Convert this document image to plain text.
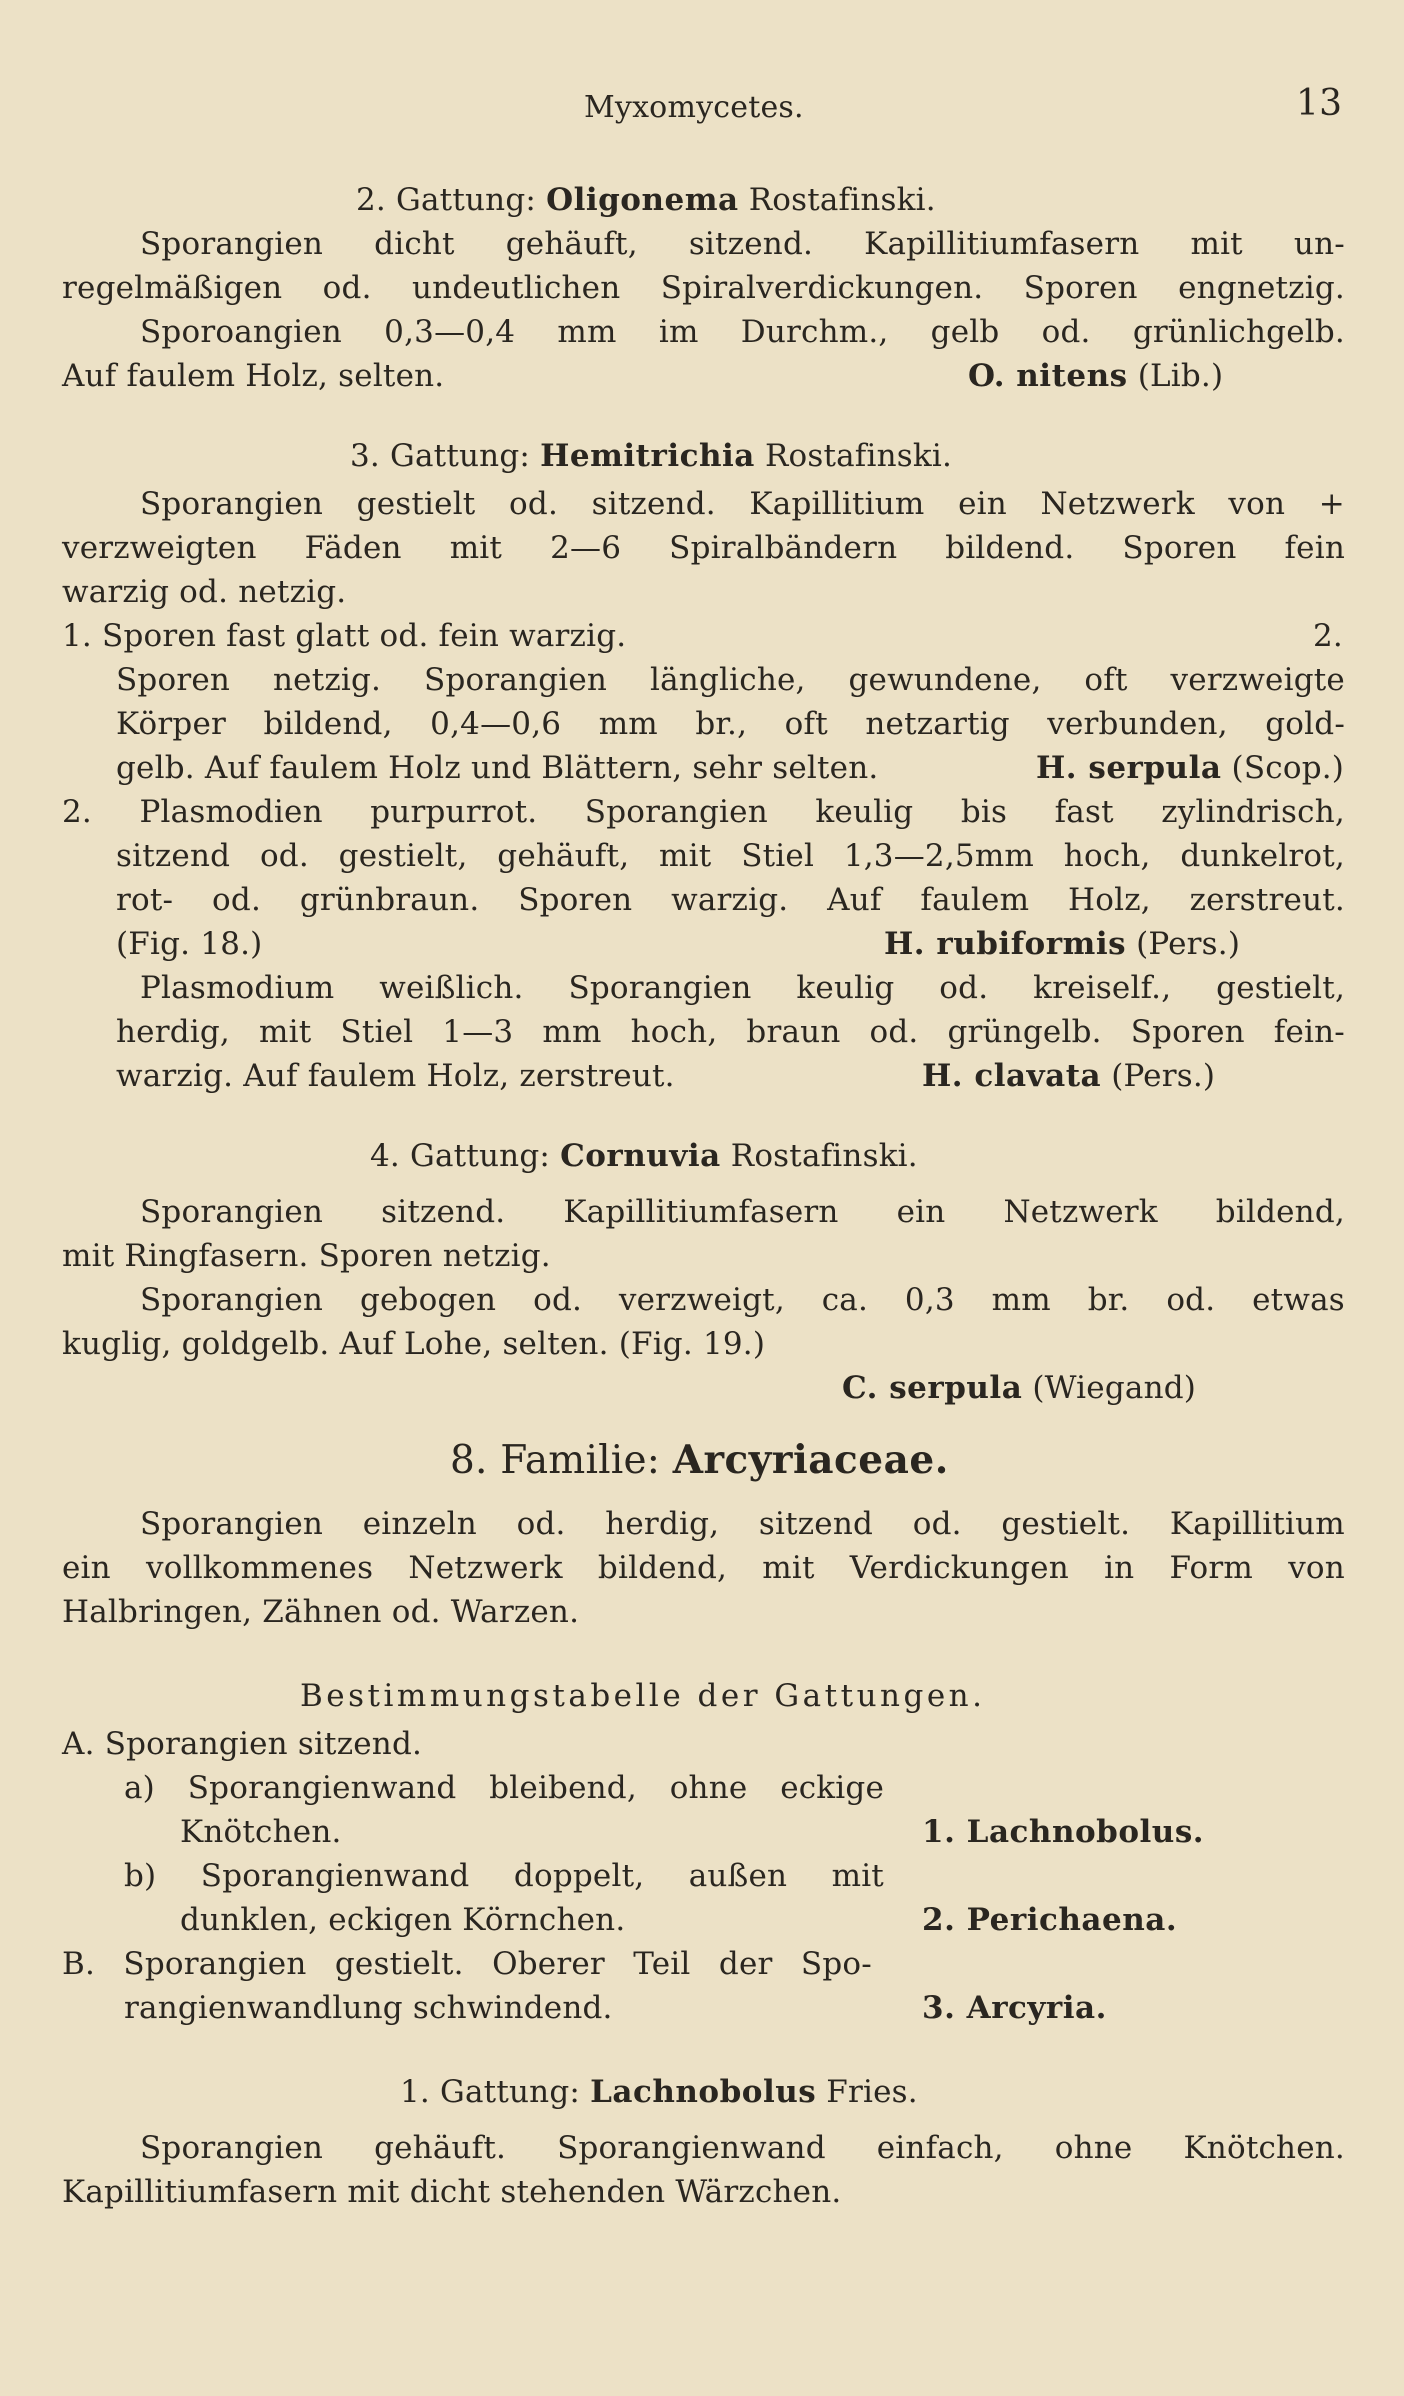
Myxomycetes.	13
2. Gattung: Oligonema Rostafinski.
Sporangien dicht gehäuft, sitzend. Kapillitiumfasern mit un-
regelmäßigen od. undeutlichen Spiralverdickungen. Sporen engnetzig.
Sporoangien 0,3—0,4 mm im Durchm., gelb od. grünlichgelb.
Auf faulem Holz, selten.	O. nitens (Lib.)
3. Gattung: Hemitrichia Rostafinski.
Sporangien gestielt od. sitzend. Kapillitium ein Netzwerk von +
verzweigten Fäden mit 2—6 Spiralbändern bildend. Sporen fein
warzig od. netzig.
1. Sporen fast glatt od. fein warzig.	2.
Sporen netzig. Sporangien längliche, gewundene, oft verzweigte
Körper bildend, 0,4—0,6 mm br., oft netzartig verbunden, gold-
gelb. Auf faulem Holz und Blättern, sehr selten.	H. serpula (Scop.)
2. Plasmodien purpurrot. Sporangien keulig bis fast zylindrisch,
sitzend od. gestielt, gehäuft, mit Stiel 1,3—2,5mm hoch, dunkelrot,
rot- od. grünbraun. Sporen warzig. Auf faulem Holz, zerstreut.
(Fig. 18.)	H. rubiformis (Pers.)
Plasmodium weißlich. Sporangien keulig od. kreiself., gestielt,
herdig, mit Stiel 1—3 mm hoch, braun od. grüngelb. Sporen fein-
warzig. Auf faulem Holz, zerstreut.	H. clavata (Pers.)
4. Gattung: Cornuvia Rostafinski.
Sporangien sitzend. Kapillitiumfasern ein Netzwerk bildend,
mit Ringfasern. Sporen netzig.
Sporangien gebogen od. verzweigt, ca. 0,3 mm br. od. etwas
kuglig, goldgelb. Auf Lohe, selten. (Fig. 19.)
C. serpula (Wiegand)
8. Familie: Arcyriaceae.
Sporangien einzeln od. herdig, sitzend od. gestielt. Kapillitium
ein vollkommenes Netzwerk bildend, mit Verdickungen in Form von
Halbringen, Zähnen od. Warzen.
Bestimmungstabelle der Gattungen.
A. Sporangien sitzend.
a) Sporangienwand bleibend, ohne eckige
Knötchen.	1. Lachnobolus.
b) Sporangienwand doppelt, außen mit
dunklen, eckigen Körnchen.	2. Perichaena.
B. Sporangien gestielt. Oberer Teil der Spo-
rangienwandlung schwindend.	3. Arcyria.
1. Gattung: Lachnobolus Fries.
Sporangien gehäuft. Sporangienwand einfach, ohne Knötchen.
Kapillitiumfasern mit dicht stehenden Wärzchen.
